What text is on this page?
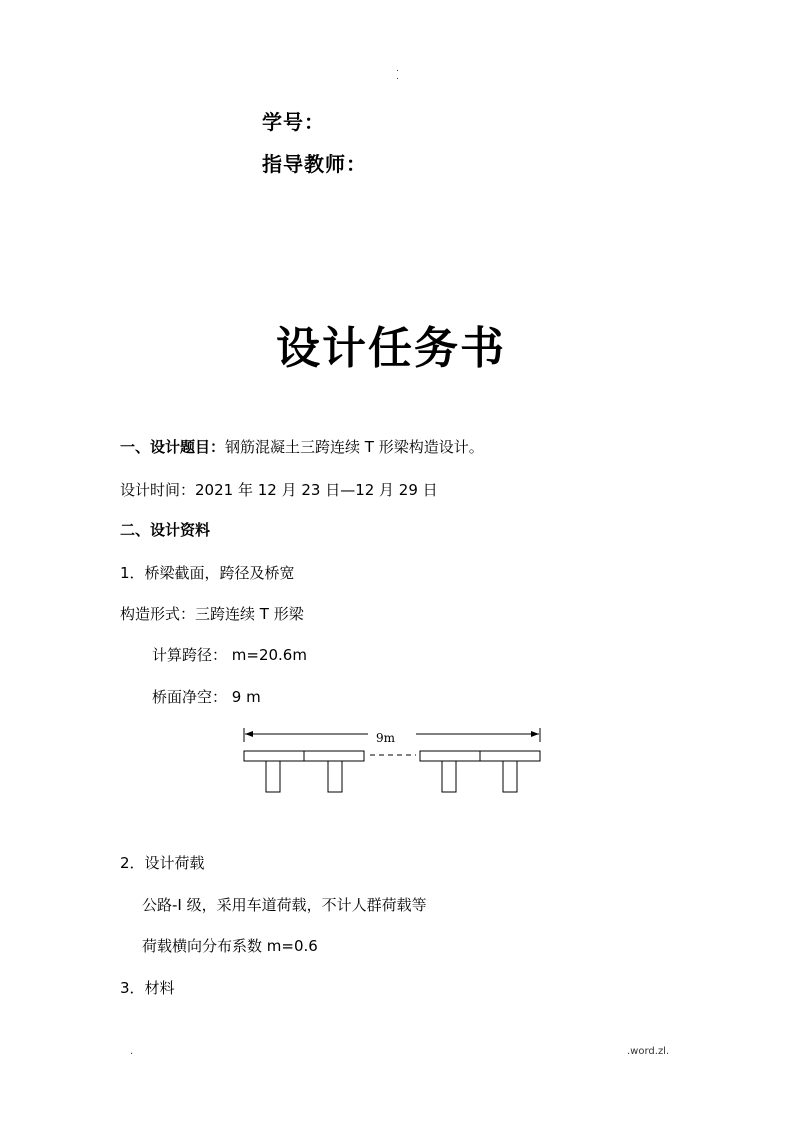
.
.
学号：
指导教师：
设计任务书
一、设计题目：钢筋混凝土三跨连续 T 形梁构造设计。
设计时间：2021 年 12 月 23 日—12 月 29 日
二、设计资料
1．桥梁截面，跨径及桥宽
构造形式：三跨连续 T 形梁
计算跨径： m=20.6m
桥面净空： 9 m
9m
2．设计荷载
公路-I 级，采用车道荷载，不计人群荷载等
荷载横向分布系数 m=0.6
3．材料
.	.word.zl.
